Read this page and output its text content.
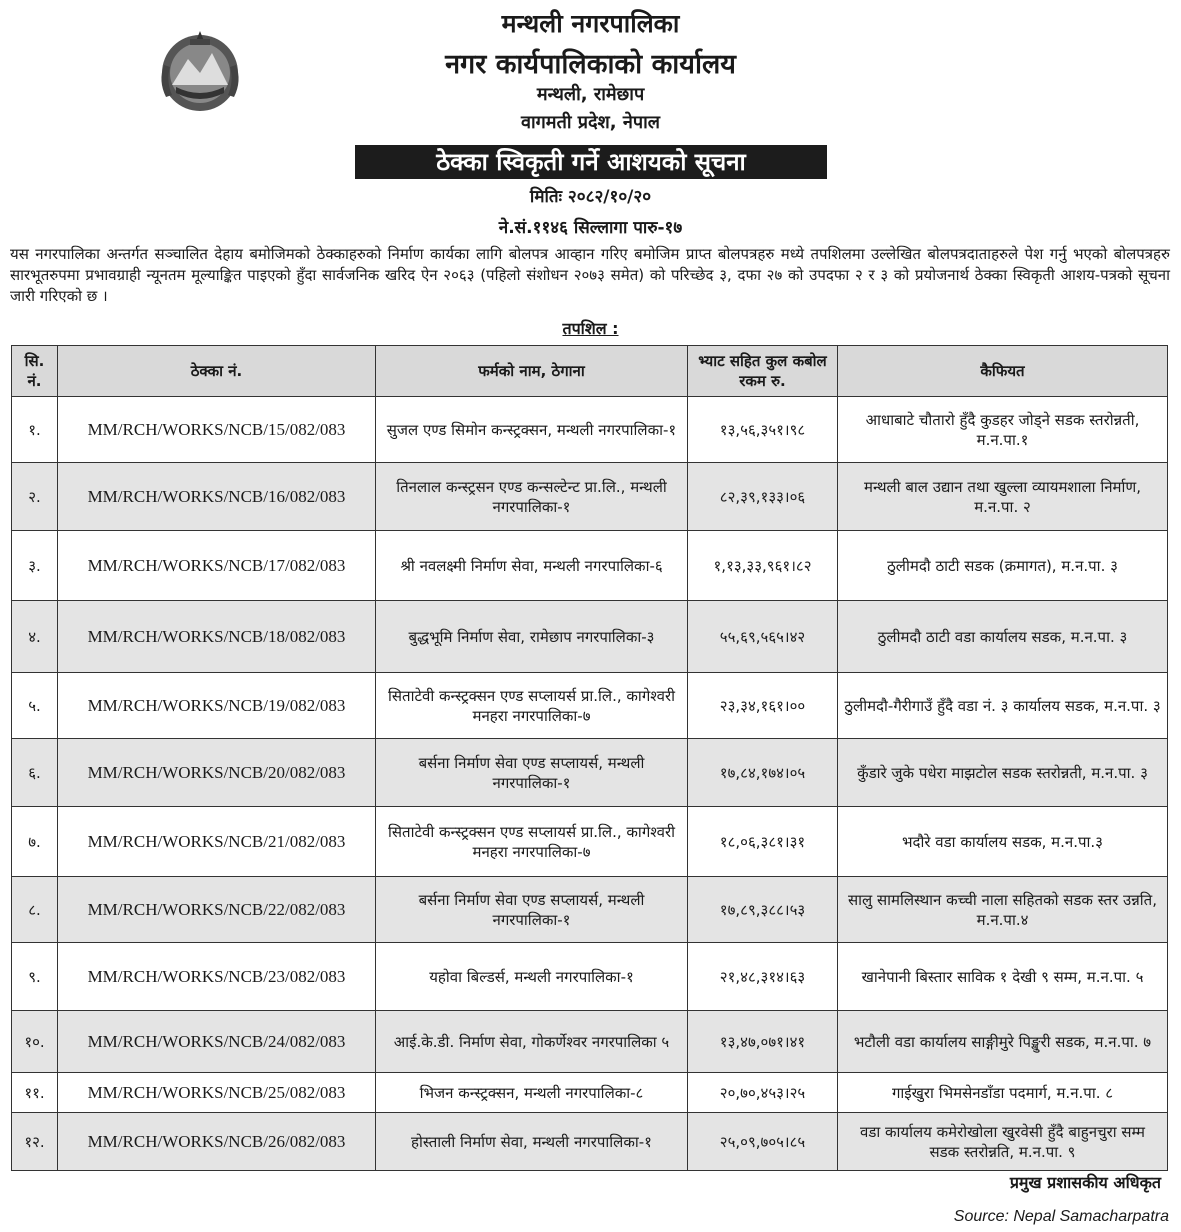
मन्थली नगरपालिका
नगर कार्यपालिकाको कार्यालय
मन्थली, रामेछाप
वागमती प्रदेश, नेपाल
ठेक्का स्विकृती गर्ने आशयको सूचना
मितिः २०८२/१०/२०
ने.सं.११४६ सिल्लागा पारु-१७
यस नगरपालिका अन्तर्गत सञ्चालित देहाय बमोजिमको ठेक्काहरुको निर्माण कार्यका लागि बोलपत्र आव्हान गरिए बमोजिम प्राप्त बोलपत्रहरु मध्ये तपशिलमा उल्लेखित बोलपत्रदाताहरुले पेश गर्नु भएको बोलपत्रहरु सारभूतरुपमा प्रभावग्राही न्यूनतम मूल्याङ्कित पाइएको हुँदा सार्वजनिक खरिद ऐन २०६३ (पहिलो संशोधन २०७३ समेत) को परिच्छेद ३, दफा २७ को उपदफा २ र ३ को प्रयोजनार्थ ठेक्का स्विकृती आशय-पत्रको सूचना जारी गरिएको छ ।
तपशिल :
सि. नं.	ठेक्का नं.	फर्मको नाम, ठेगाना	भ्याट सहित कुल कबोल रकम रु.	कैफियत
१.	MM/RCH/WORKS/NCB/15/082/083	सुजल एण्ड सिमोन कन्स्ट्रक्सन, मन्थली नगरपालिका-१	१३,५६,३५१।९८	आधाबाटे चौतारो हुँदै कुडहर जोड्ने सडक स्तरोन्नती, म.न.पा.१
२.	MM/RCH/WORKS/NCB/16/082/083	तिनलाल कन्स्ट्रसन एण्ड कन्सल्टेन्ट प्रा.लि., मन्थली नगरपालिका-१	८२,३९,१३३।०६	मन्थली बाल उद्यान तथा खुल्ला व्यायमशाला निर्माण, म.न.पा. २
३.	MM/RCH/WORKS/NCB/17/082/083	श्री नवलक्ष्मी निर्माण सेवा, मन्थली नगरपालिका-६	१,१३,३३,९६१।८२	ठुलीमदौ ठाटी सडक (क्रमागत), म.न.पा. ३
४.	MM/RCH/WORKS/NCB/18/082/083	बुद्धभूमि निर्माण सेवा, रामेछाप नगरपालिका-३	५५,६९,५६५।४२	ठुलीमदौ ठाटी वडा कार्यालय सडक, म.न.पा. ३
५.	MM/RCH/WORKS/NCB/19/082/083	सिताटेवी कन्स्ट्रक्सन एण्ड सप्लायर्स प्रा.लि., कागेश्वरी मनहरा नगरपालिका-७	२३,३४,१६१।००	ठुलीमदौ-गैरीगाउँ हुँदै वडा नं. ३ कार्यालय सडक, म.न.पा. ३
६.	MM/RCH/WORKS/NCB/20/082/083	बर्सना निर्माण सेवा एण्ड सप्लायर्स, मन्थली नगरपालिका-१	१७,८४,१७४।०५	कुँडारे जुके पधेरा माझटोल सडक स्तरोन्नती, म.न.पा. ३
७.	MM/RCH/WORKS/NCB/21/082/083	सिताटेवी कन्स्ट्रक्सन एण्ड सप्लायर्स प्रा.लि., कागेश्वरी मनहरा नगरपालिका-७	१८,०६,३८१।३१	भदौरे वडा कार्यालय सडक, म.न.पा.३
८.	MM/RCH/WORKS/NCB/22/082/083	बर्सना निर्माण सेवा एण्ड सप्लायर्स, मन्थली नगरपालिका-१	१७,८९,३८८।५३	सालु सामलिस्थान कच्ची नाला सहितको सडक स्तर उन्नति, म.न.पा.४
९.	MM/RCH/WORKS/NCB/23/082/083	यहोवा बिल्डर्स, मन्थली नगरपालिका-१	२१,४८,३१४।६३	खानेपानी बिस्तार साविक १ देखी ९ सम्म, म.न.पा. ५
१०.	MM/RCH/WORKS/NCB/24/082/083	आई.के.डी. निर्माण सेवा, गोकर्णेश्वर नगरपालिका ५	१३,४७,०७१।४१	भटौली वडा कार्यालय साङ्गीमुरे पिङ्खुरी सडक, म.न.पा. ७
११.	MM/RCH/WORKS/NCB/25/082/083	भिजन कन्स्ट्रक्सन, मन्थली नगरपालिका-८	२०,७०,४५३।२५	गाईखुरा भिमसेनडाँडा पदमार्ग, म.न.पा. ८
१२.	MM/RCH/WORKS/NCB/26/082/083	होस्ताली निर्माण सेवा, मन्थली नगरपालिका-१	२५,०९,७०५।८५	वडा कार्यालय कमेरोखोला खुरवेसी हुँदै बाहुनचुरा सम्म सडक स्तरोन्नति, म.न.पा. ९
प्रमुख प्रशासकीय अधिकृत
Source: Nepal Samacharpatra
